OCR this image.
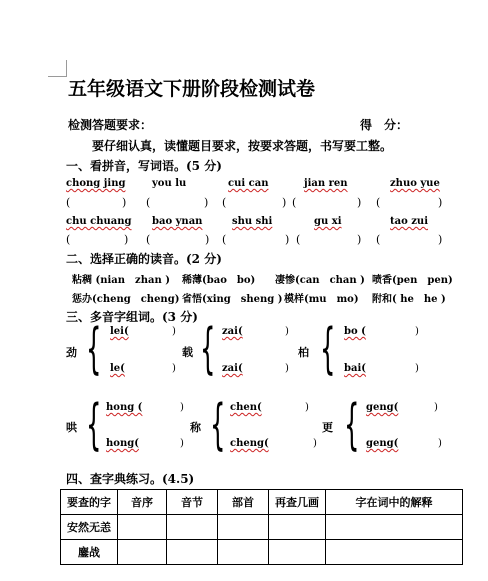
五年级语文下册阶段检测试卷
检测答题要求：	得　分：
要仔细认真，读懂题目要求，按要求答题，书写要工整。
一、看拼音，写词语。(5 分)
chong jing	you lu	cui can	jian ren	zhuo yue
(	) (	) (	) (	) (	)
chu chuang bao ynan	shu shi	gu xi	tao zui
(	) (	) (	) (	) (	)
二、选择正确的读音。(2 分)
粘稠 (nian　zhan ) 稀薄(bao　bo) 凄惨(can　chan ) 喷香(pen　pen)
惩办(cheng　cheng) 省悟(xing　sheng ) 模样(mu　mo) 附和( he　he )
三、多音字组词。(3 分)
劲 { lei(	)
le(	)
载 { zai(	)
zai(	)
柏 { bo (	)
bai(	)
哄 { hong (	)
hong(	)
称 { chen(	)
cheng(	)
更 { geng(	)
geng(	)
四、查字典练习。(4.5)
要查的字	音序	音节	部首	再查几画	字在词中的解释
安然无恙					
鏖战					
